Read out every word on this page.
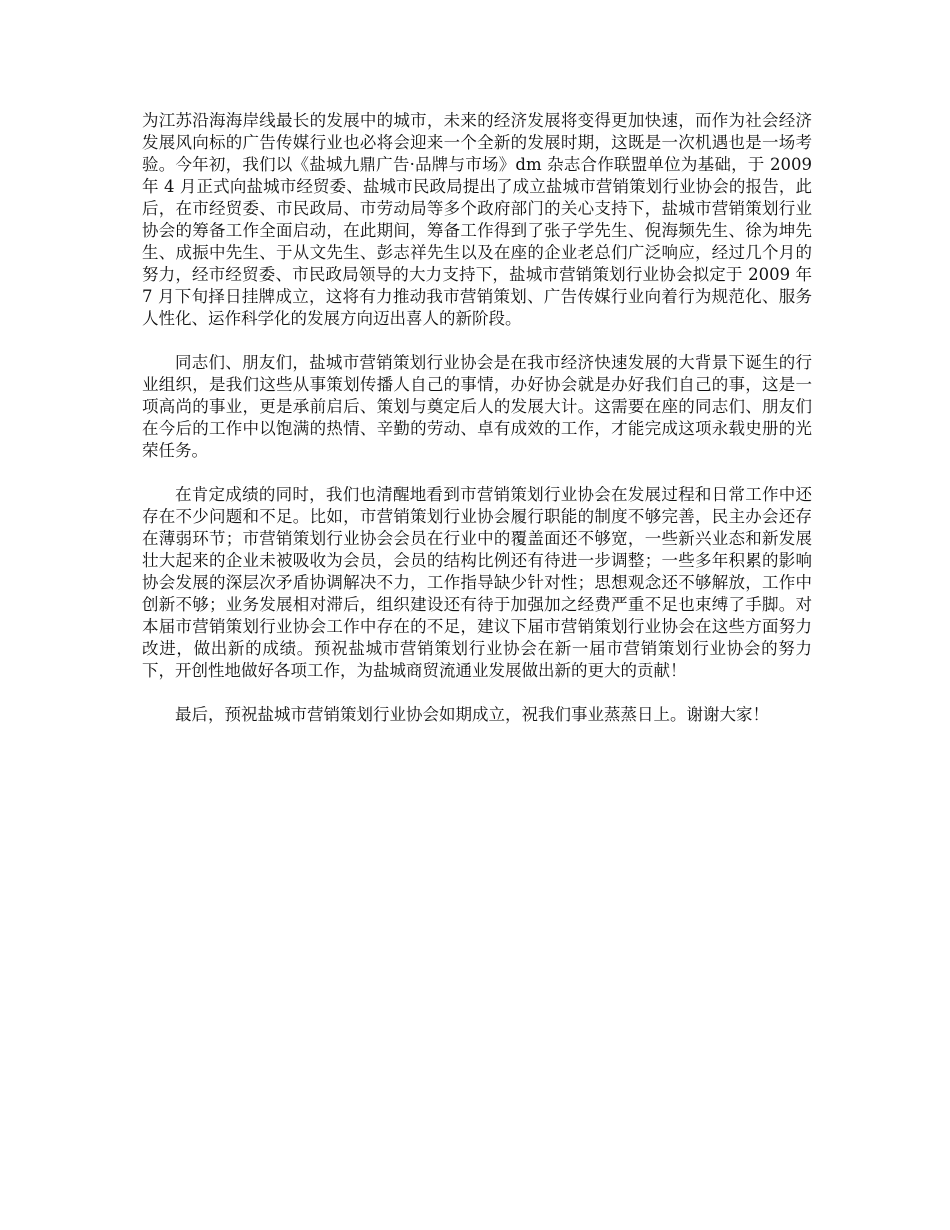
为江苏沿海海岸线最长的发展中的城市，未来的经济发展将变得更加快速，而作为社会经济发展风向标的广告传媒行业也必将会迎来一个全新的发展时期，这既是一次机遇也是一场考验。今年初，我们以《盐城九鼎广告·品牌与市场》dm 杂志合作联盟单位为基础，于 2009 年 4 月正式向盐城市经贸委、盐城市民政局提出了成立盐城市营销策划行业协会的报告，此后，在市经贸委、市民政局、市劳动局等多个政府部门的关心支持下，盐城市营销策划行业协会的筹备工作全面启动，在此期间，筹备工作得到了张子学先生、倪海频先生、徐为坤先生、成振中先生、于从文先生、彭志祥先生以及在座的企业老总们广泛响应，经过几个月的努力，经市经贸委、市民政局领导的大力支持下，盐城市营销策划行业协会拟定于 2009 年 7 月下旬择日挂牌成立，这将有力推动我市营销策划、广告传媒行业向着行为规范化、服务人性化、运作科学化的发展方向迈出喜人的新阶段。

同志们、朋友们，盐城市营销策划行业协会是在我市经济快速发展的大背景下诞生的行业组织，是我们这些从事策划传播人自己的事情，办好协会就是办好我们自己的事，这是一项高尚的事业，更是承前启后、策划与奠定后人的发展大计。这需要在座的同志们、朋友们在今后的工作中以饱满的热情、辛勤的劳动、卓有成效的工作，才能完成这项永载史册的光荣任务。

在肯定成绩的同时，我们也清醒地看到市营销策划行业协会在发展过程和日常工作中还存在不少问题和不足。比如，市营销策划行业协会履行职能的制度不够完善，民主办会还存在薄弱环节；市营销策划行业协会会员在行业中的覆盖面还不够宽，一些新兴业态和新发展壮大起来的企业未被吸收为会员，会员的结构比例还有待进一步调整；一些多年积累的影响协会发展的深层次矛盾协调解决不力，工作指导缺少针对性；思想观念还不够解放，工作中创新不够；业务发展相对滞后，组织建设还有待于加强加之经费严重不足也束缚了手脚。对本届市营销策划行业协会工作中存在的不足，建议下届市营销策划行业协会在这些方面努力改进，做出新的成绩。预祝盐城市营销策划行业协会在新一届市营销策划行业协会的努力下，开创性地做好各项工作，为盐城商贸流通业发展做出新的更大的贡献！

最后，预祝盐城市营销策划行业协会如期成立，祝我们事业蒸蒸日上。谢谢大家！
